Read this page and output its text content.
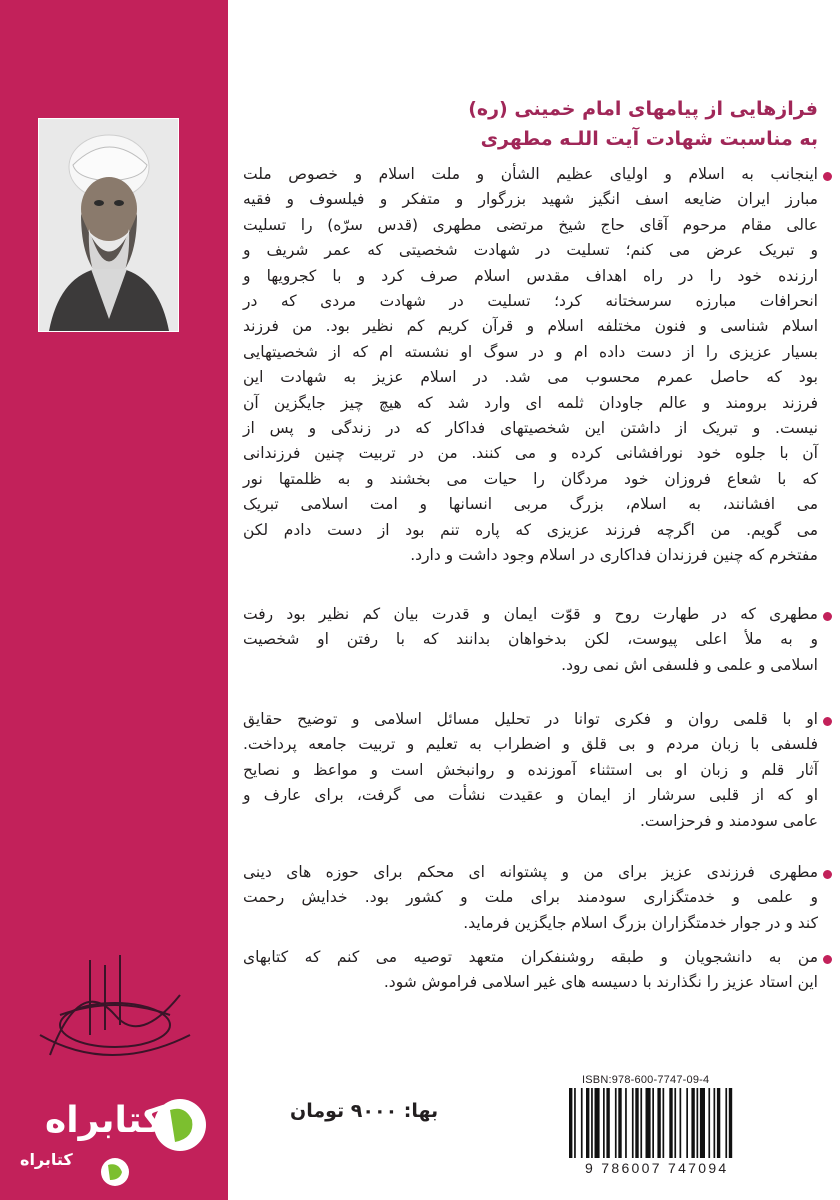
کتابراه
کتابراه
فرازهایی از پیامهای امام خمینی (ره)
به مناسبت شهادت آیت اللـه مطهری
اینجانب به اسلام و اولیای عظیم الشأن و ملت اسلام و خصوص ملت
مبارز ایران ضایعه اسف انگیز شهید بزرگوار و متفکر و فیلسوف و فقیه
عالی مقام مرحوم آقای حاج شیخ مرتضی مطهری (قدس سرّه) را تسلیت
و تبریک عرض می کنم؛ تسلیت در شهادت شخصیتی که عمر شریف و
ارزنده خود را در راه اهداف مقدس اسلام صرف کرد و با کجرویها و
انحرافات مبارزه سرسختانه کرد؛ تسلیت در شهادت مردی که در
اسلام شناسی و فنون مختلفه اسلام و قرآن کریم کم نظیر بود. من فرزند
بسیار عزیزی را از دست داده ام و در سوگ او نشسته ام که از شخصیتهایی
بود که حاصل عمرم محسوب می شد. در اسلام عزیز به شهادت این
فرزند برومند و عالم جاودان ثلمه ای وارد شد که هیچ چیز جایگزین آن
نیست. و تبریک از داشتن این شخصیتهای فداکار که در زندگی و پس از
آن با جلوه خود نورافشانی کرده و می کنند. من در تربیت چنین فرزندانی
که با شعاع فروزان خود مردگان را حیات می بخشند و به ظلمتها نور
می افشانند، به اسلام، بزرگ مربی انسانها و امت اسلامی تبریک
می گویم. من اگرچه فرزند عزیزی که پاره تنم بود از دست دادم لکن
مفتخرم که چنین فرزندان فداکاری در اسلام وجود داشت و دارد.
مطهری که در طهارت روح و قوّت ایمان و قدرت بیان کم نظیر بود رفت
و به ملأ اعلی پیوست، لکن بدخواهان بدانند که با رفتن او شخصیت
اسلامی و علمی و فلسفی اش نمی رود.
او با قلمی روان و فکری توانا در تحلیل مسائل اسلامی و توضیح حقایق
فلسفی با زبان مردم و بی قلق و اضطراب به تعلیم و تربیت جامعه پرداخت.
آثار قلم و زبان او بی استثناء آموزنده و روانبخش است و مواعظ و نصایح
او که از قلبی سرشار از ایمان و عقیدت نشأت می گرفت، برای عارف و
عامی سودمند و فرحزاست.
مطهری فرزندی عزیز برای من و پشتوانه ای محکم برای حوزه های دینی
و علمی و خدمتگزاری سودمند برای ملت و کشور بود. خدایش رحمت
کند و در جوار خدمتگزاران بزرگ اسلام جایگزین فرماید.
من به دانشجویان و طبقه روشنفکران متعهد توصیه می کنم که کتابهای
این استاد عزیز را نگذارند با دسیسه های غیر اسلامی فراموش شود.
بها: ۹۰۰۰ تومان
ISBN:978-600-7747-09-4
9 786007 747094
